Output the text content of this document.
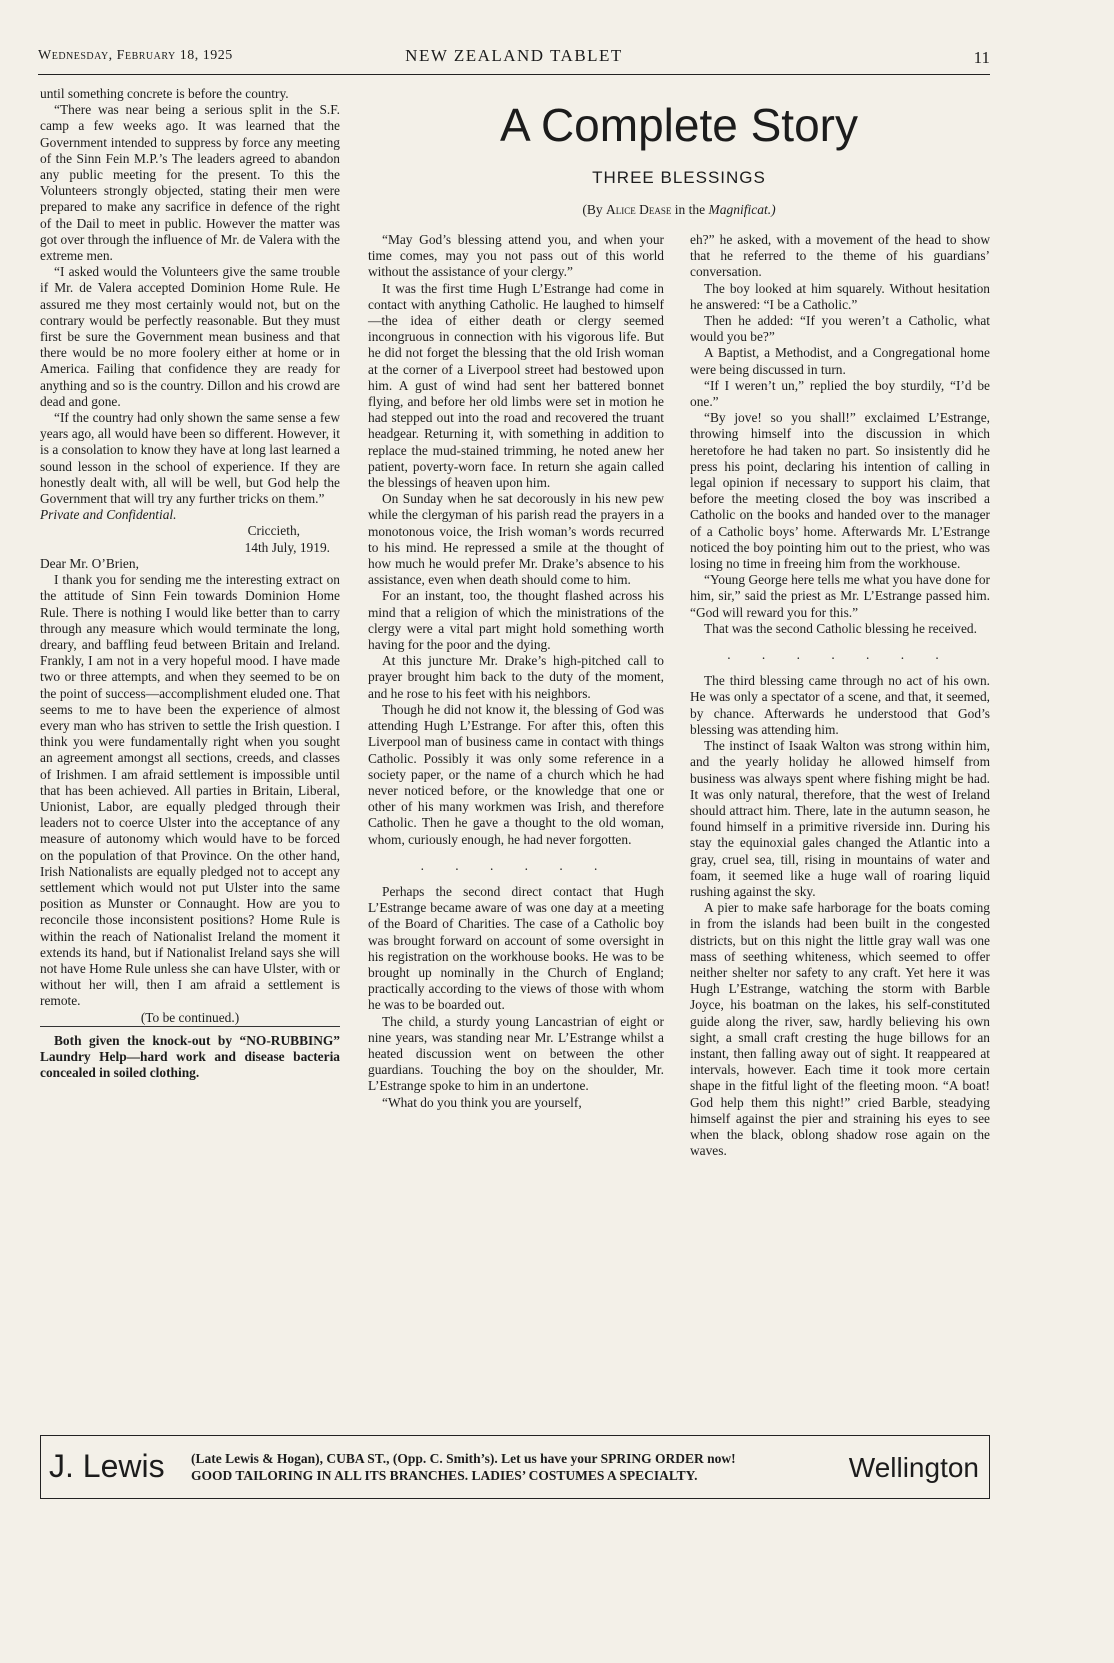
Wednesday, February 18, 1925	NEW ZEALAND TABLET	11

until something concrete is before the country.

“There was near being a serious split in the S.F. camp a few weeks ago. It was learned that the Government intended to suppress by force any meeting of the Sinn Fein M.P.’s The leaders agreed to abandon any public meeting for the present. To this the Volunteers strongly objected, stating their men were prepared to make any sacrifice in defence of the right of the Dail to meet in public. However the matter was got over through the influence of Mr. de Valera with the extreme men.

“I asked would the Volunteers give the same trouble if Mr. de Valera accepted Dominion Home Rule. He assured me they most certainly would not, but on the contrary would be perfectly reasonable. But they must first be sure the Government mean business and that there would be no more foolery either at home or in America. Failing that confidence they are ready for anything and so is the country. Dillon and his crowd are dead and gone.

“If the country had only shown the same sense a few years ago, all would have been so different. However, it is a consolation to know they have at long last learned a sound lesson in the school of experience. If they are honestly dealt with, all will be well, but God help the Government that will try any further tricks on them.”

Private and Confidential.

Criccieth,

14th July, 1919.

Dear Mr. O’Brien,

I thank you for sending me the interesting extract on the attitude of Sinn Fein towards Dominion Home Rule. There is nothing I would like better than to carry through any measure which would terminate the long, dreary, and baffling feud between Britain and Ireland. Frankly, I am not in a very hopeful mood. I have made two or three attempts, and when they seemed to be on the point of success—accomplishment eluded one. That seems to me to have been the experience of almost every man who has striven to settle the Irish question. I think you were fundamentally right when you sought an agreement amongst all sections, creeds, and classes of Irishmen. I am afraid settlement is impossible until that has been achieved. All parties in Britain, Liberal, Unionist, Labor, are equally pledged through their leaders not to coerce Ulster into the acceptance of any measure of autonomy which would have to be forced on the population of that Province. On the other hand, Irish Nationalists are equally pledged not to accept any settlement which would not put Ulster into the same position as Munster or Connaught. How are you to reconcile those inconsistent positions? Home Rule is within the reach of Nationalist Ireland the moment it extends its hand, but if Nationalist Ireland says she will not have Home Rule unless she can have Ulster, with or without her will, then I am afraid a settlement is remote.

(To be continued.)

Both given the knock-out by “NO-RUBBING” Laundry Help—hard work and disease bacteria concealed in soiled clothing.

A Complete Story
THREE BLESSINGS
(By Alice Dease in the Magnificat.)

“May God’s blessing attend you, and when your time comes, may you not pass out of this world without the assistance of your clergy.”

It was the first time Hugh L’Estrange had come in contact with anything Catholic. He laughed to himself—the idea of either death or clergy seemed incongruous in connection with his vigorous life. But he did not forget the blessing that the old Irish woman at the corner of a Liverpool street had bestowed upon him. A gust of wind had sent her battered bonnet flying, and before her old limbs were set in motion he had stepped out into the road and recovered the truant headgear. Returning it, with something in addition to replace the mud-stained trimming, he noted anew her patient, poverty-worn face. In return she again called the blessings of heaven upon him.

On Sunday when he sat decorously in his new pew while the clergyman of his parish read the prayers in a monotonous voice, the Irish woman’s words recurred to his mind. He repressed a smile at the thought of how much he would prefer Mr. Drake’s absence to his assistance, even when death should come to him.

For an instant, too, the thought flashed across his mind that a religion of which the ministrations of the clergy were a vital part might hold something worth having for the poor and the dying.

At this juncture Mr. Drake’s high-pitched call to prayer brought him back to the duty of the moment, and he rose to his feet with his neighbors.

Though he did not know it, the blessing of God was attending Hugh L’Estrange. For after this, often this Liverpool man of business came in contact with things Catholic. Possibly it was only some reference in a society paper, or the name of a church which he had never noticed before, or the knowledge that one or other of his many workmen was Irish, and therefore Catholic. Then he gave a thought to the old woman, whom, curiously enough, he had never forgotten.

. . . . . .

Perhaps the second direct contact that Hugh L’Estrange became aware of was one day at a meeting of the Board of Charities. The case of a Catholic boy was brought forward on account of some oversight in his registration on the workhouse books. He was to be brought up nominally in the Church of England; practically according to the views of those with whom he was to be boarded out.

The child, a sturdy young Lancastrian of eight or nine years, was standing near Mr. L’Estrange whilst a heated discussion went on between the other guardians. Touching the boy on the shoulder, Mr. L’Estrange spoke to him in an undertone.

“What do you think you are yourself,

eh?” he asked, with a movement of the head to show that he referred to the theme of his guardians’ conversation.

The boy looked at him squarely. Without hesitation he answered: “I be a Catholic.”

Then he added: “If you weren’t a Catholic, what would you be?”

A Baptist, a Methodist, and a Congregational home were being discussed in turn.

“If I weren’t un,” replied the boy sturdily, “I’d be one.”

“By jove! so you shall!” exclaimed L’Estrange, throwing himself into the discussion in which heretofore he had taken no part. So insistently did he press his point, declaring his intention of calling in legal opinion if necessary to support his claim, that before the meeting closed the boy was inscribed a Catholic on the books and handed over to the manager of a Catholic boys’ home. Afterwards Mr. L’Estrange noticed the boy pointing him out to the priest, who was losing no time in freeing him from the workhouse.

“Young George here tells me what you have done for him, sir,” said the priest as Mr. L’Estrange passed him. “God will reward you for this.”

That was the second Catholic blessing he received.

. . . . . . .

The third blessing came through no act of his own. He was only a spectator of a scene, and that, it seemed, by chance. Afterwards he understood that God’s blessing was attending him.

The instinct of Isaak Walton was strong within him, and the yearly holiday he allowed himself from business was always spent where fishing might be had. It was only natural, therefore, that the west of Ireland should attract him. There, late in the autumn season, he found himself in a primitive riverside inn. During his stay the equinoxial gales changed the Atlantic into a gray, cruel sea, till, rising in mountains of water and foam, it seemed like a huge wall of roaring liquid rushing against the sky.

A pier to make safe harborage for the boats coming in from the islands had been built in the congested districts, but on this night the little gray wall was one mass of seething whiteness, which seemed to offer neither shelter nor safety to any craft. Yet here it was Hugh L’Estrange, watching the storm with Barble Joyce, his boatman on the lakes, his self-constituted guide along the river, saw, hardly believing his own sight, a small craft cresting the huge billows for an instant, then falling away out of sight. It reappeared at intervals, however. Each time it took more certain shape in the fitful light of the fleeting moon. “A boat! God help them this night!” cried Barble, steadying himself against the pier and straining his eyes to see when the black, oblong shadow rose again on the waves.

J. Lewis (Late Lewis & Hogan), CUBA ST., (Opp. C. Smith’s). Let us have your SPRING ORDER now!
GOOD TAILORING IN ALL ITS BRANCHES. LADIES’ COSTUMES A SPECIALTY.	Wellington
